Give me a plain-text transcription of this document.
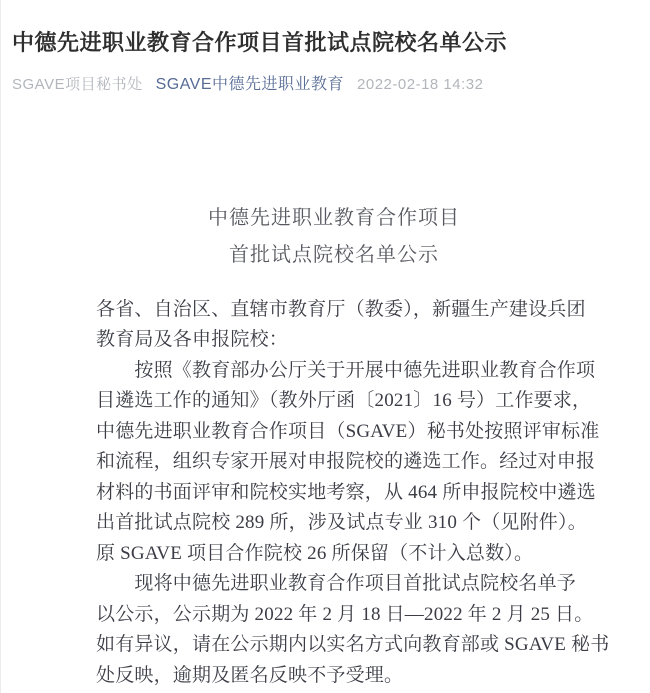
中德先进职业教育合作项目首批试点院校名单公示
SGAVE项目秘书处 SGAVE中德先进职业教育 2022-02-18 14:32
中德先进职业教育合作项目
首批试点院校名单公示
各省、自治区、直辖市教育厅（教委），新疆生产建设兵团
教育局及各申报院校：
　　按照《教育部办公厅关于开展中德先进职业教育合作项
目遴选工作的通知》（教外厅函〔2021〕16 号）工作要求，
中德先进职业教育合作项目（SGAVE）秘书处按照评审标准
和流程，组织专家开展对申报院校的遴选工作。经过对申报
材料的书面评审和院校实地考察，从 464 所申报院校中遴选
出首批试点院校 289 所，涉及试点专业 310 个（见附件）。
原 SGAVE 项目合作院校 26 所保留（不计入总数）。
　　现将中德先进职业教育合作项目首批试点院校名单予
以公示，公示期为 2022 年 2 月 18 日—2022 年 2 月 25 日。
如有异议，请在公示期内以实名方式向教育部或 SGAVE 秘书
处反映，逾期及匿名反映不予受理。
